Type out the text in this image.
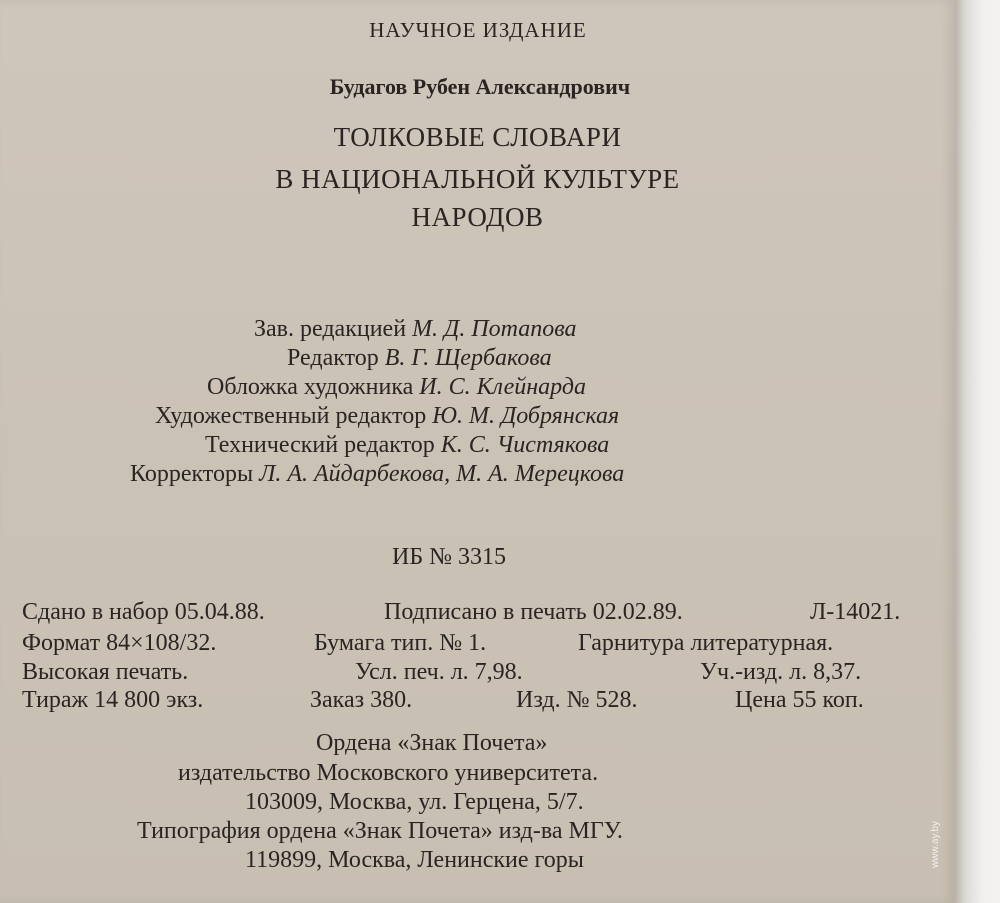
НАУЧНОЕ ИЗДАНИЕ
Будагов Рубен Александрович
ТОЛКОВЫЕ СЛОВАРИ
В НАЦИОНАЛЬНОЙ КУЛЬТУРЕ
НАРОДОВ
Зав. редакцией М. Д. Потапова
Редактор В. Г. Щербакова
Обложка художника И. С. Клейнарда
Художественный редактор Ю. М. Добрянская
Технический редактор К. С. Чистякова
Корректоры Л. А. Айдарбекова, М. А. Мерецкова
ИБ № 3315
Сдано в набор 05.04.88.	Подписано в печать 02.02.89.	Л-14021.
Формат 84×108/32.	Бумага тип. № 1.	Гарнитура литературная.
Высокая печать.	Усл. печ. л. 7,98.	Уч.-изд. л. 8,37.
Тираж 14 800 экз.	Заказ 380.	Изд. № 528.	Цена 55 коп.
Ордена «Знак Почета»
издательство Московского университета.
103009, Москва, ул. Герцена, 5/7.
Типография ордена «Знак Почета» изд-ва МГУ.
119899, Москва, Ленинские горы	www.ay.by
